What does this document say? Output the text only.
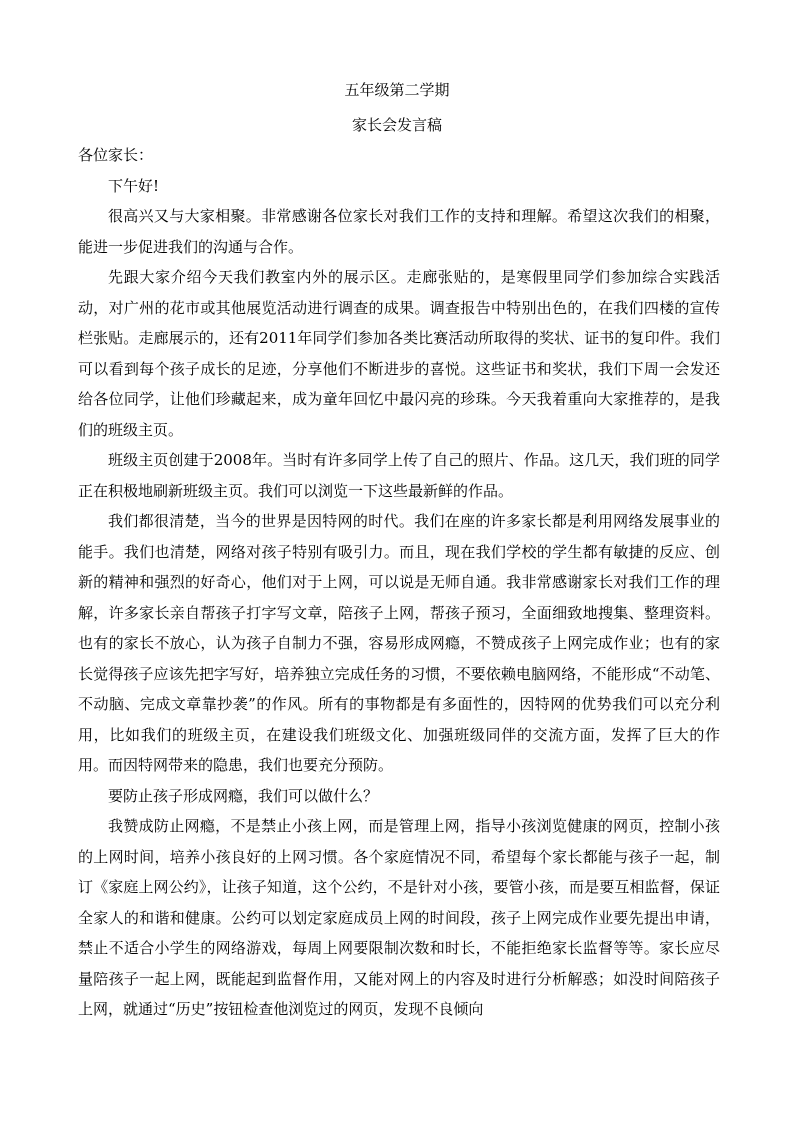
五年级第二学期
家长会发言稿

各位家长：

下午好!

很高兴又与大家相聚。非常感谢各位家长对我们工作的支持和理解。希望这次我们的相聚，能进一步促进我们的沟通与合作。

先跟大家介绍今天我们教室内外的展示区。走廊张贴的，是寒假里同学们参加综合实践活动，对广州的花市或其他展览活动进行调查的成果。调查报告中特别出色的，在我们四楼的宣传栏张贴。走廊展示的，还有2011年同学们参加各类比赛活动所取得的奖状、证书的复印件。我们可以看到每个孩子成长的足迹，分享他们不断进步的喜悦。这些证书和奖状，我们下周一会发还给各位同学，让他们珍藏起来，成为童年回忆中最闪亮的珍珠。今天我着重向大家推荐的，是我们的班级主页。

班级主页创建于2008年。当时有许多同学上传了自己的照片、作品。这几天，我们班的同学正在积极地刷新班级主页。我们可以浏览一下这些最新鲜的作品。

我们都很清楚，当今的世界是因特网的时代。我们在座的许多家长都是利用网络发展事业的能手。我们也清楚，网络对孩子特别有吸引力。而且，现在我们学校的学生都有敏捷的反应、创新的精神和强烈的好奇心，他们对于上网，可以说是无师自通。我非常感谢家长对我们工作的理解，许多家长亲自帮孩子打字写文章，陪孩子上网，帮孩子预习，全面细致地搜集、整理资料。也有的家长不放心，认为孩子自制力不强，容易形成网瘾，不赞成孩子上网完成作业；也有的家长觉得孩子应该先把字写好，培养独立完成任务的习惯，不要依赖电脑网络，不能形成“不动笔、不动脑、完成文章靠抄袭”的作风。所有的事物都是有多面性的，因特网的优势我们可以充分利用，比如我们的班级主页，在建设我们班级文化、加强班级同伴的交流方面，发挥了巨大的作用。而因特网带来的隐患，我们也要充分预防。

要防止孩子形成网瘾，我们可以做什么？

我赞成防止网瘾，不是禁止小孩上网，而是管理上网，指导小孩浏览健康的网页，控制小孩的上网时间，培养小孩良好的上网习惯。各个家庭情况不同，希望每个家长都能与孩子一起，制订《家庭上网公约》，让孩子知道，这个公约，不是针对小孩，要管小孩，而是要互相监督，保证全家人的和谐和健康。公约可以划定家庭成员上网的时间段，孩子上网完成作业要先提出申请，禁止不适合小学生的网络游戏，每周上网要限制次数和时长，不能拒绝家长监督等等。家长应尽量陪孩子一起上网，既能起到监督作用，又能对网上的内容及时进行分析解惑；如没时间陪孩子上网，就通过“历史”按钮检查他浏览过的网页，发现不良倾向
